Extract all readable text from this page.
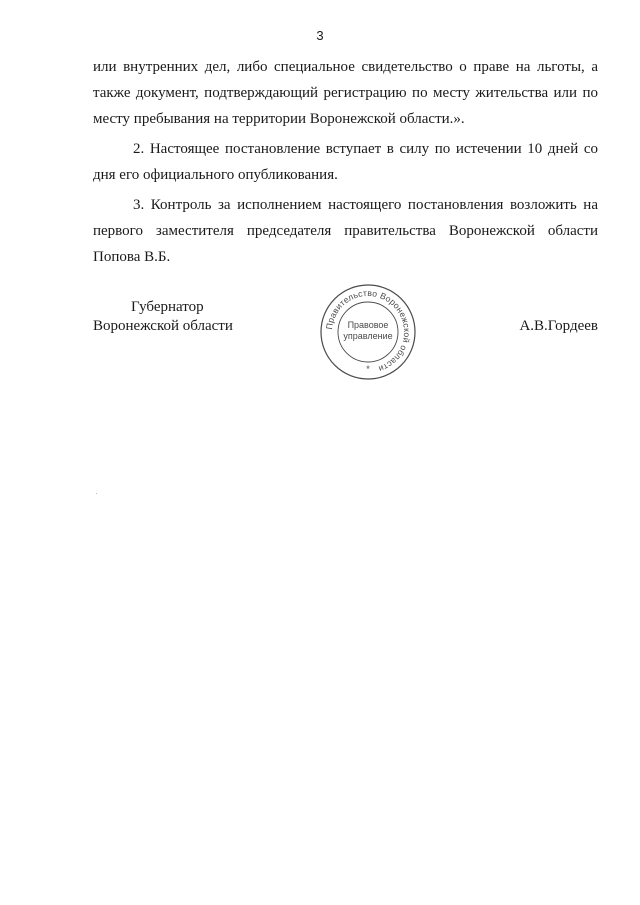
3

или внутренних дел, либо специальное свидетельство о праве на льготы, а также документ, подтверждающий регистрацию по месту жительства или по месту пребывания на территории Воронежской области.».

2. Настоящее постановление вступает в силу по истечении 10 дней со дня его официального опубликования.

3. Контроль за исполнением настоящего постановления возложить на первого заместителя председателя правительства Воронежской области Попова В.Б.

Губернатор
Воронежской области	А.В.Гордеев
Правительство Воронежской области
Правовое
управление
*
